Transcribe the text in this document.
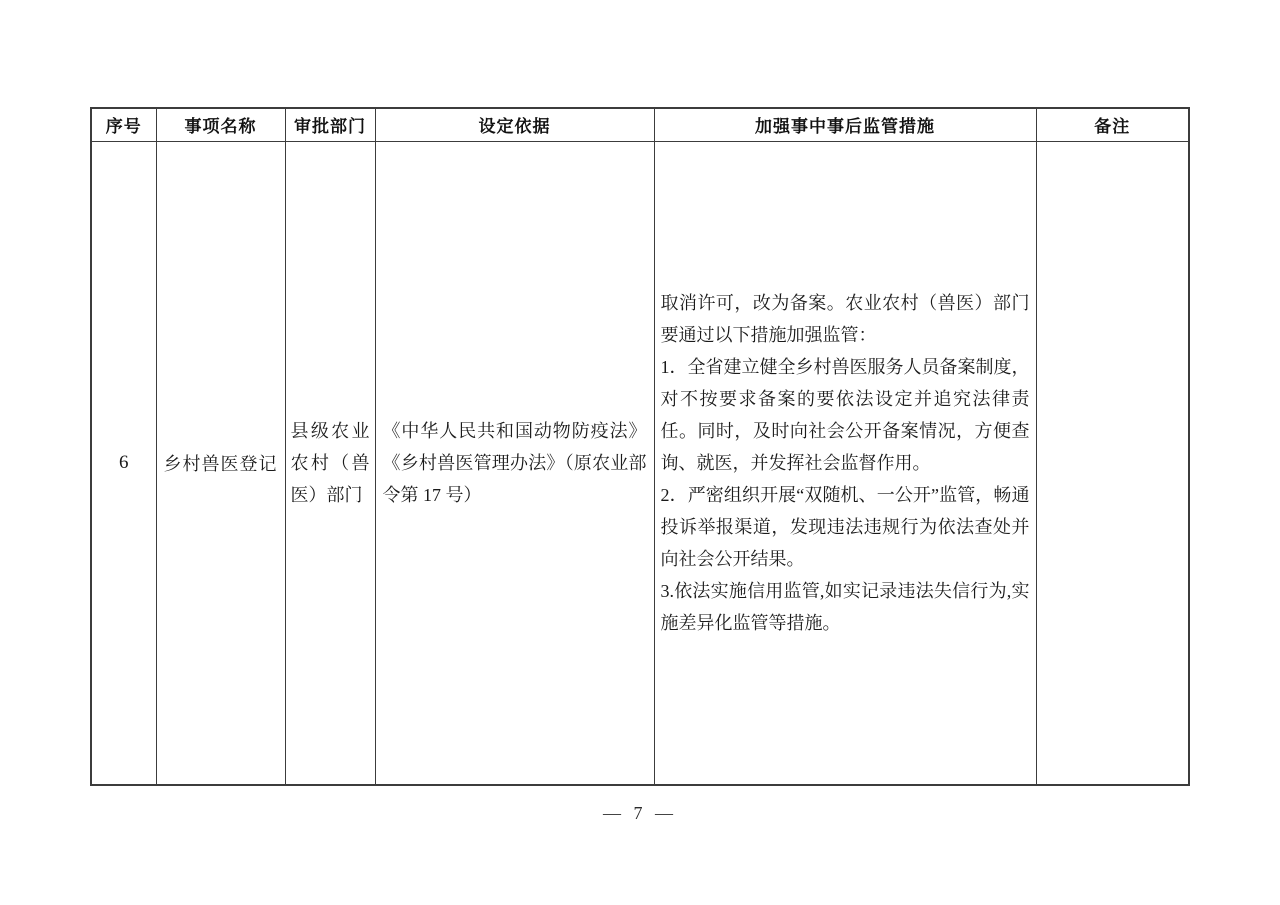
序号	事项名称	审批部门	设定依据	加强事中事后监管措施	备注
6	乡村兽医登记	县级农业农村（兽医）部门	《中华人民共和国动物防疫法》《乡村兽医管理办法》（原农业部令第 17 号）	取消许可，改为备案。农业农村（兽医）部门要通过以下措施加强监管：

1．全省建立健全乡村兽医服务人员备案制度，对不按要求备案的要依法设定并追究法律责任。同时，及时向社会公开备案情况，方便查询、就医，并发挥社会监督作用。

2．严密组织开展“双随机、一公开”监管，畅通投诉举报渠道，发现违法违规行为依法查处并向社会公开结果。

3.依法实施信用监管,如实记录违法失信行为,实施差异化监管等措施。	

— 7 —
